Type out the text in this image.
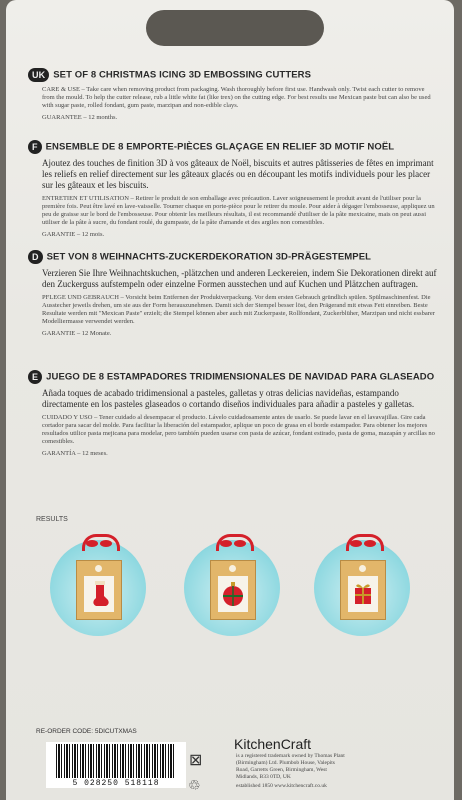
UK SET OF 8 CHRISTMAS ICING 3D EMBOSSING CUTTERS
CARE & USE – Take care when removing product from packaging. Wash thoroughly before first use. Handwash only. Twist each cutter to remove from the mould. To help the cutter release, rub a little white fat (like trex) on the cutting edge. For best results use Mexican paste but can also be used with sugar paste, rolled fondant, gum paste, marzipan and non-edible clays.
GUARANTEE – 12 months.
F ENSEMBLE DE 8 EMPORTE-PIÈCES GLAÇAGE EN RELIEF 3D MOTIF NOËL
Ajoutez des touches de finition 3D à vos gâteaux de Noël, biscuits et autres pâtisseries de fêtes en imprimant les reliefs en relief directement sur les gâteaux glacés ou en découpant les motifs individuels pour les placer sur les gâteaux et les biscuits.
ENTRETIEN ET UTILISATION – Retirer le produit de son emballage avec précaution. Laver soigneusement le produit avant de l'utiliser pour la première fois. Peut être lavé en lave-vaisselle. Tourner chaque en porte-pièce pour le retirer du moule. Pour aider à dégager l'embosseuse, appliquez un peu de graisse sur le bord de l'embosseuse. Pour obtenir les meilleurs résultats, il est recommandé d'utiliser de la pâte mexicaine, mais on peut aussi utiliser de la pâte à sucre, du fondant roulé, du gumpaste, de la pâte d'amande et des argiles non comestibles.
GARANTIE – 12 mois.
D SET VON 8 WEIHNACHTS-ZUCKERDEKORATION 3D-PRÄGESTEMPEL
Verzieren Sie Ihre Weihnachtskuchen, -plätzchen und anderen Leckereien, indem Sie Dekorationen direkt auf den Zuckerguss aufstempeln oder einzelne Formen ausstechen und auf Kuchen und Plätzchen auftragen.
PFLEGE UND GEBRAUCH – Vorsicht beim Entfernen der Produktverpackung. Vor dem ersten Gebrauch gründlich spülen. Spülmaschinenfest. Die Ausstecher jeweils drehen, um sie aus der Form herauszunehmen. Damit sich der Stempel besser löst, den Prägerand mit etwas Fett einreiben. Beste Resultate werden mit "Mexican Paste" erzielt; die Stempel können aber auch mit Zuckerpaste, Rollfondant, Zuckerblüher, Marzipan und nicht essbarer Modelliermasse verwendet werden.
GARANTIE – 12 Monate.
E JUEGO DE 8 ESTAMPADORES TRIDIMENSIONALES DE NAVIDAD PARA GLASEADO
Añada toques de acabado tridimensional a pasteles, galletas y otras delicias navideñas, estampando directamente en los pasteles glaseados o cortando diseños individuales para añadir a pasteles y galletas.
CUIDADO Y USO – Tener cuidado al desempacar el producto. Lávelo cuidadosamente antes de usarlo. Se puede lavar en el lavavajillas. Gire cada cortador para sacar del molde. Para facilitar la liberación del estampador, aplique un poco de grasa en el borde estampador. Para obtener los mejores resultados utilice pasta mejicana para modelar, pero también pueden usarse con pasta de azúcar, fondant estirado, pasta de goma, mazapán y arcillas no comestibles.
GARANTÍA – 12 meses.
RESULTS
RE-ORDER CODE: 5DICUTXMAS
5 028250 518118
⊠
♲
KitchenCraft
is a registered trademark owned by Thomas Plant (Birmingham) Ltd. Plumbob House, Valepits Road, Garretts Green, Birmingham, West Midlands, B33 0TD, UK
established 1850 www.kitchencraft.co.uk
